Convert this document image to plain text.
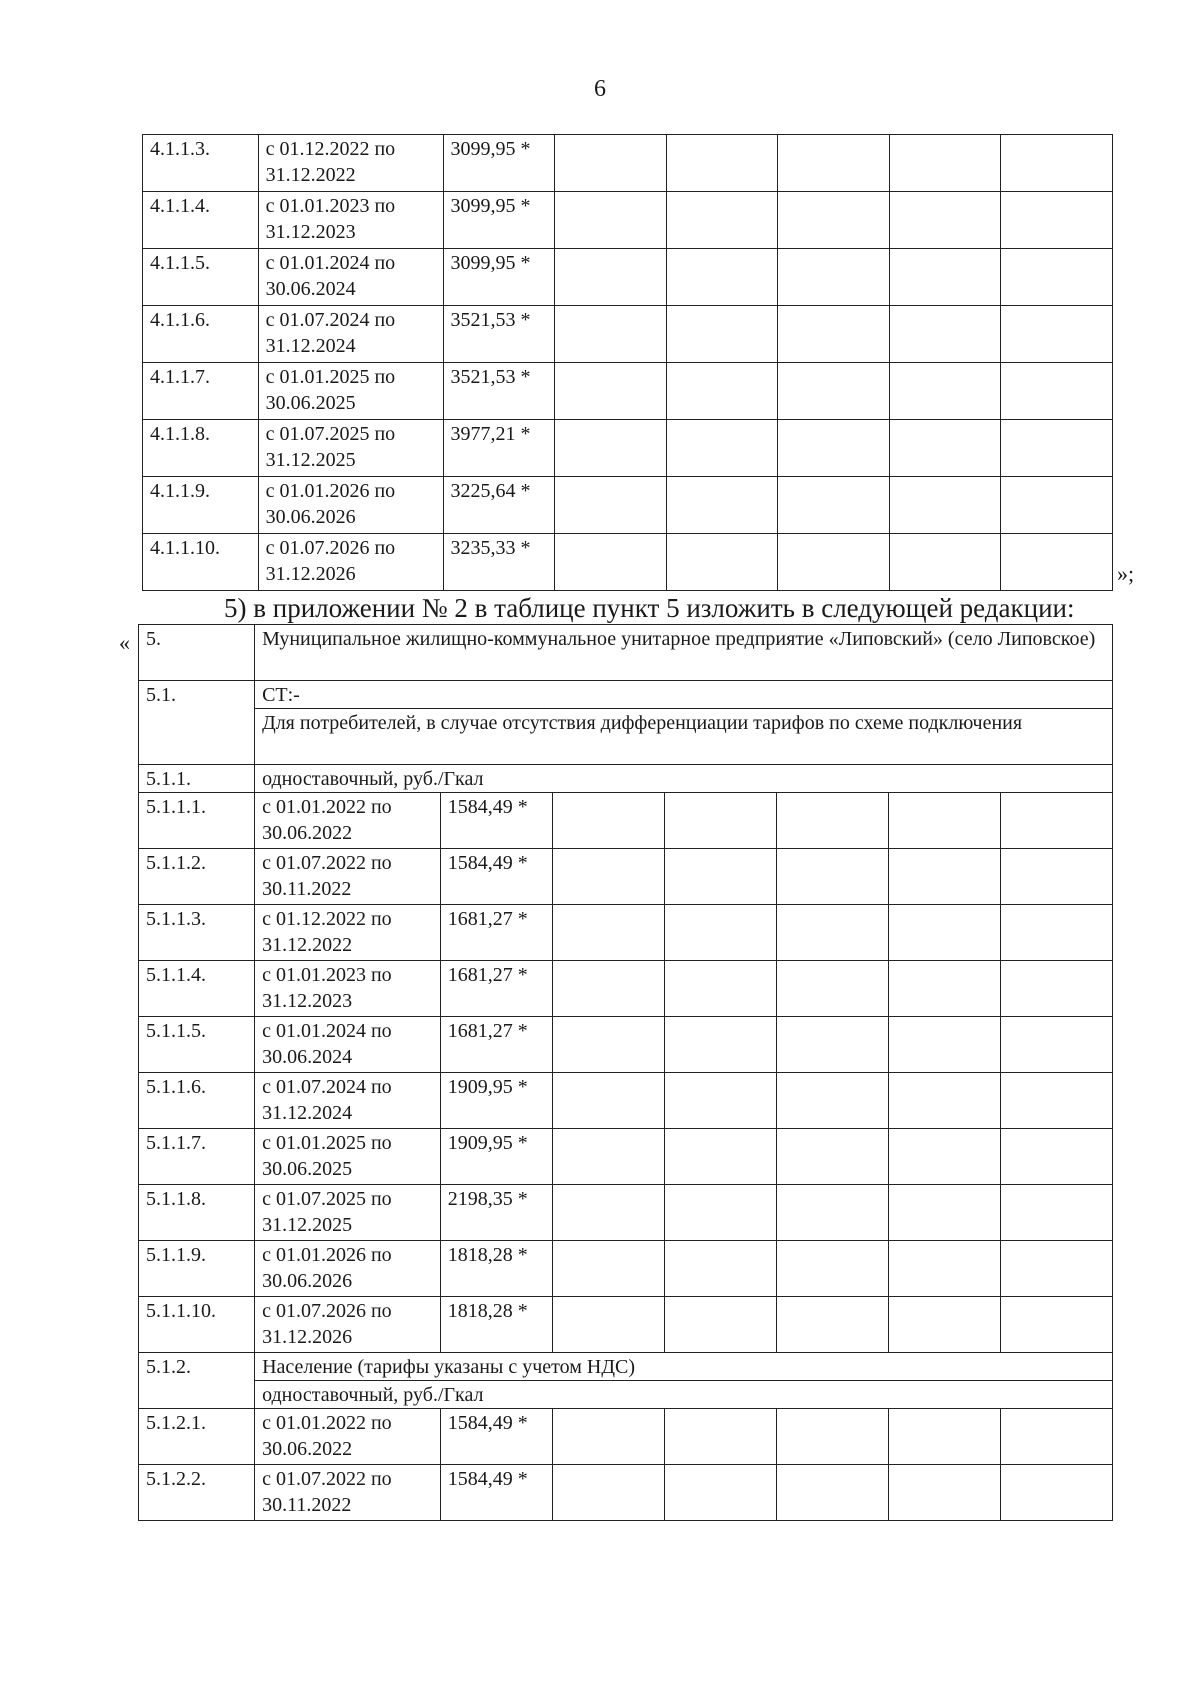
6
4.1.1.3.	с 01.12.2022 по 31.12.2022	3099,95 *					
4.1.1.4.	с 01.01.2023 по 31.12.2023	3099,95 *					
4.1.1.5.	с 01.01.2024 по 30.06.2024	3099,95 *					
4.1.1.6.	с 01.07.2024 по 31.12.2024	3521,53 *					
4.1.1.7.	с 01.01.2025 по 30.06.2025	3521,53 *					
4.1.1.8.	с 01.07.2025 по 31.12.2025	3977,21 *					
4.1.1.9.	с 01.01.2026 по 30.06.2026	3225,64 *					
4.1.1.10.	с 01.07.2026 по 31.12.2026	3235,33 *					
»;
5) в приложении № 2 в таблице пункт 5 изложить в следующей редакции:
« 5.	Муниципальное жилищно-коммунальное унитарное предприятие «Липовский» (село Липовское)						
5.1.	СТ:-						
	Для потребителей, в случае отсутствия дифференциации тарифов по схеме подключения						
5.1.1.	одноставочный, руб./Гкал						
5.1.1.1.	с 01.01.2022 по 30.06.2022	1584,49 *					
5.1.1.2.	с 01.07.2022 по 30.11.2022	1584,49 *					
5.1.1.3.	с 01.12.2022 по 31.12.2022	1681,27 *					
5.1.1.4.	с 01.01.2023 по 31.12.2023	1681,27 *					
5.1.1.5.	с 01.01.2024 по 30.06.2024	1681,27 *					
5.1.1.6.	с 01.07.2024 по 31.12.2024	1909,95 *					
5.1.1.7.	с 01.01.2025 по 30.06.2025	1909,95 *					
5.1.1.8.	с 01.07.2025 по 31.12.2025	2198,35 *					
5.1.1.9.	с 01.01.2026 по 30.06.2026	1818,28 *					
5.1.1.10.	с 01.07.2026 по 31.12.2026	1818,28 *					
5.1.2.	Население (тарифы указаны с учетом НДС)						
	одноставочный, руб./Гкал						
5.1.2.1.	с 01.01.2022 по 30.06.2022	1584,49 *					
5.1.2.2.	с 01.07.2022 по 30.11.2022	1584,49 *					
